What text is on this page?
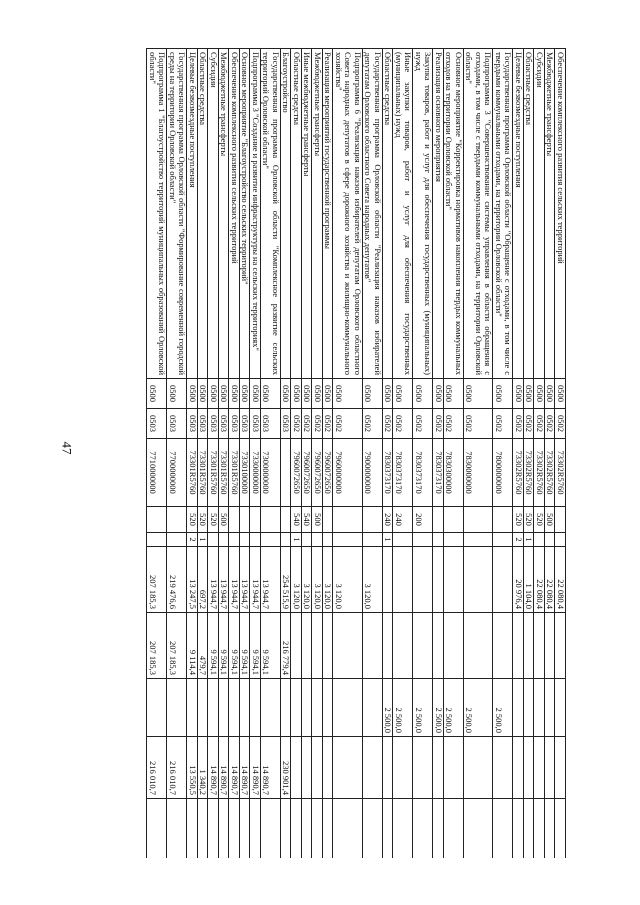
47
Обеспечение комплексного развития сельских территорий	0500	0502	73302R5760			22 080,4				
Межбюджетные трансферты	0500	0502	73302R5760	500		22 080,4				
Субсидии	0500	0502	73302R5760	520		22 080,4				
Областные средства	0500	0502	73302R5760	520	1	1 104,0				
Целевые безвозмездные поступления	0500	0502	73302R5760	520	2	20 976,4				
Государственная программа Орловской области "Обращение с отходами, в том числе с твердыми коммунальными отходами, на территории Орловской области"	0500	0502	7800000000					2 500,0		
Подпрограмма 3 "Совершенствование системы управления в области обращения с отходами, в том числе с твердыми коммунальными отходами, на территории Орловской области"	0500	0502	7830000000					2 500,0		
Основное мероприятие "Корректировка нормативов накопления твердых коммунальных отходов на территории Орловской области"	0500	0502	7830300000					2 500,0		
Реализация основного мероприятия	0500	0502	7830373170					2 500,0		
Закупка товаров, работ и услуг для обеспечения государственных (муниципальных) нужд	0500	0502	7830373170	200				2 500,0		
Иные закупки товаров, работ и услуг для обеспечения государственных (муниципальных) нужд	0500	0502	7830373170	240				2 500,0		
Областные средства	0500	0502	7830373170	240	1			2 500,0		
Государственная программа Орловской области "Реализация наказов избирателей депутатам Орловского областного Совета народных депутатов"	0500	0502	7900000000			3 120,0				
Подпрограмма 6 "Реализация наказов избирателей депутатам Орловского областного Совета народных депутатов в сфере дорожного хозяйства и жилищно-коммунального хозяйства"	0500	0502	7960000000			3 120,0				
Реализация мероприятий государственной программы	0500	0502	7960072650			3 120,0				
Межбюджетные трансферты	0500	0502	7960072650	500		3 120,0				
Иные межбюджетные трансферты	0500	0502	7960072650	540		3 120,0				
Областные средства	0500	0502	7960072650	540	1	3 120,0				
Благоустройство	0500	0503				254 515,9	216 779,4		230 901,4	
Государственная программа Орловской области "Комплексное развитие сельских территорий Орловской области"	0500	0503	7300000000			13 944,7	9 594,1		14 890,7	
Подпрограмма 3 "Создание и развитие инфраструктуры на сельских территориях"	0500	0503	7330000000			13 944,7	9 594,1		14 890,7	
Основное мероприятие "Благоустройство сельских территорий"	0500	0503	7330100000			13 944,7	9 594,1		14 890,7	
Обеспечение комплексного развития сельских территорий	0500	0503	73301R5760			13 944,7	9 594,1		14 890,7	
Межбюджетные трансферты	0500	0503	73301R5760	500		13 944,7	9 594,1		14 890,7	
Субсидии	0500	0503	73301R5760	520		13 944,7	9 594,1		14 890,7	
Областные средства	0500	0503	73301R5760	520	1	697,2	479,7		1 340,2	
Целевые безвозмездные поступления	0500	0503	73301R5760	520	2	13 247,5	9 114,4		13 550,5	
Государственная программа Орловской области "Формирование современной городской среды на территории Орловской области"	0500	0503	7700000000			219 476,6	207 185,3		216 010,7	
Подпрограмма 1 "Благоустройство территорий муниципальных образований Орловской области"	0500	0503	7710000000			207 185,3	207 185,3		216 010,7	
